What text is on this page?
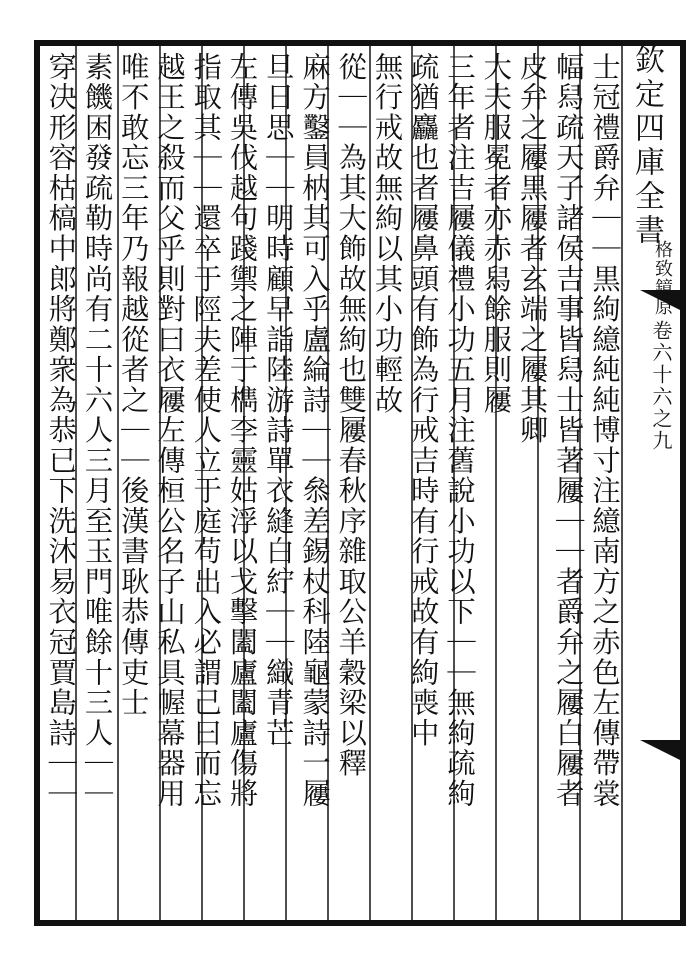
欽定四庫全書
卷六十六之九
格致鏡原
士冠禮爵弁｜｜黒絇繶純純博寸注繶南方之赤色左傳帶裳
幅舄疏天子諸侯吉事皆舄士皆著屨｜｜者爵弁之屨白屨者
皮弁之屨黒屨者玄端之屨其卿
大夫服冕者亦赤舄餘服則屨
三年者注吉屨儀禮小功五月注舊說小功以下｜｜無絇疏絇
疏猶麤也者屨鼻頭有飾為行戒吉時有行戒故有絇喪中
無行戒故無絇以其小功輕故
從｜｜為其大飾故無絇也雙屨春秋序雜取公羊穀梁以釋
麻方鑿員枘其可入乎盧綸詩｜｜叅差錫杖科陸龜蒙詩一屨
旦日思｜｜明時顧早詣陸游詩單衣縫白紵｜｜織青芒
左傳吳伐越句踐禦之陣于檇李靈姑浮以戈擊闔廬闔廬傷將
指取其｜｜還卒于陘夫差使人立于庭苟出入必謂己曰而忘
越王之殺而父乎則對曰衣屨左傳桓公名子山私具幄幕器用
唯不敢忘三年乃報越從者之｜｜後漢書耿恭傳吏士
素饑困發疏勒時尚有二十六人三月至玉門唯餘十三人｜｜
穿决形容枯槁中郎將鄭衆為恭已下洗沐易衣冠賈島詩｜｜
